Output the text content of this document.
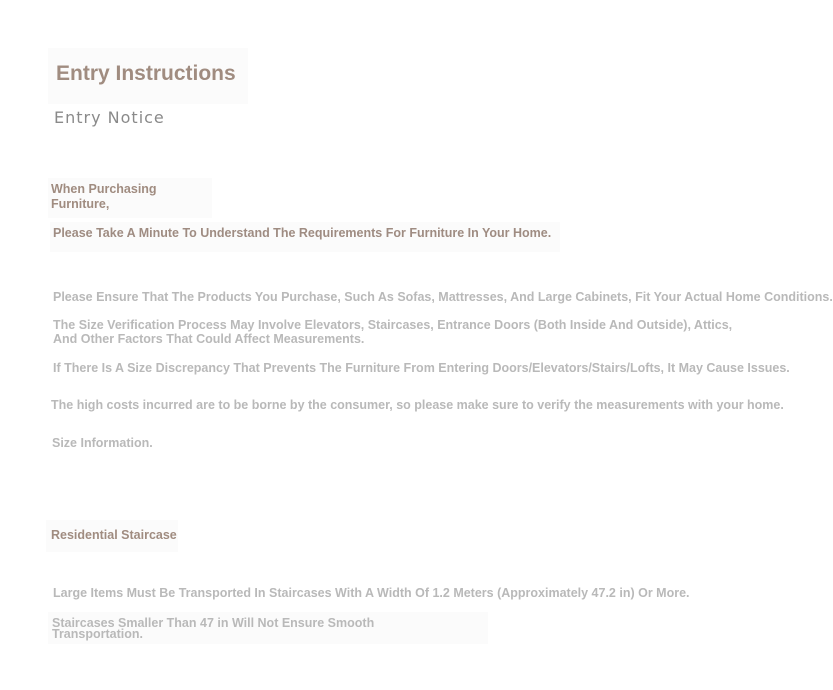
Entry Instructions
Entry Notice
When Purchasing Furniture,
Please Take A Minute To Understand The Requirements For Furniture In Your Home.
Please Ensure That The Products You Purchase, Such As Sofas, Mattresses, And Large Cabinets, Fit Your Actual Home Conditions.
The Size Verification Process May Involve Elevators, Staircases, Entrance Doors (Both Inside And Outside), Attics, And Other Factors That Could Affect Measurements.
If There Is A Size Discrepancy That Prevents The Furniture From Entering Doors/Elevators/Stairs/Lofts, It May Cause Issues.
The high costs incurred are to be borne by the consumer, so please make sure to verify the measurements with your home.
Size Information.
Residential Staircase
Large Items Must Be Transported In Staircases With A Width Of 1.2 Meters (Approximately 47.2 in) Or More.
Staircases Smaller Than 47 in Will Not Ensure Smooth Transportation.
